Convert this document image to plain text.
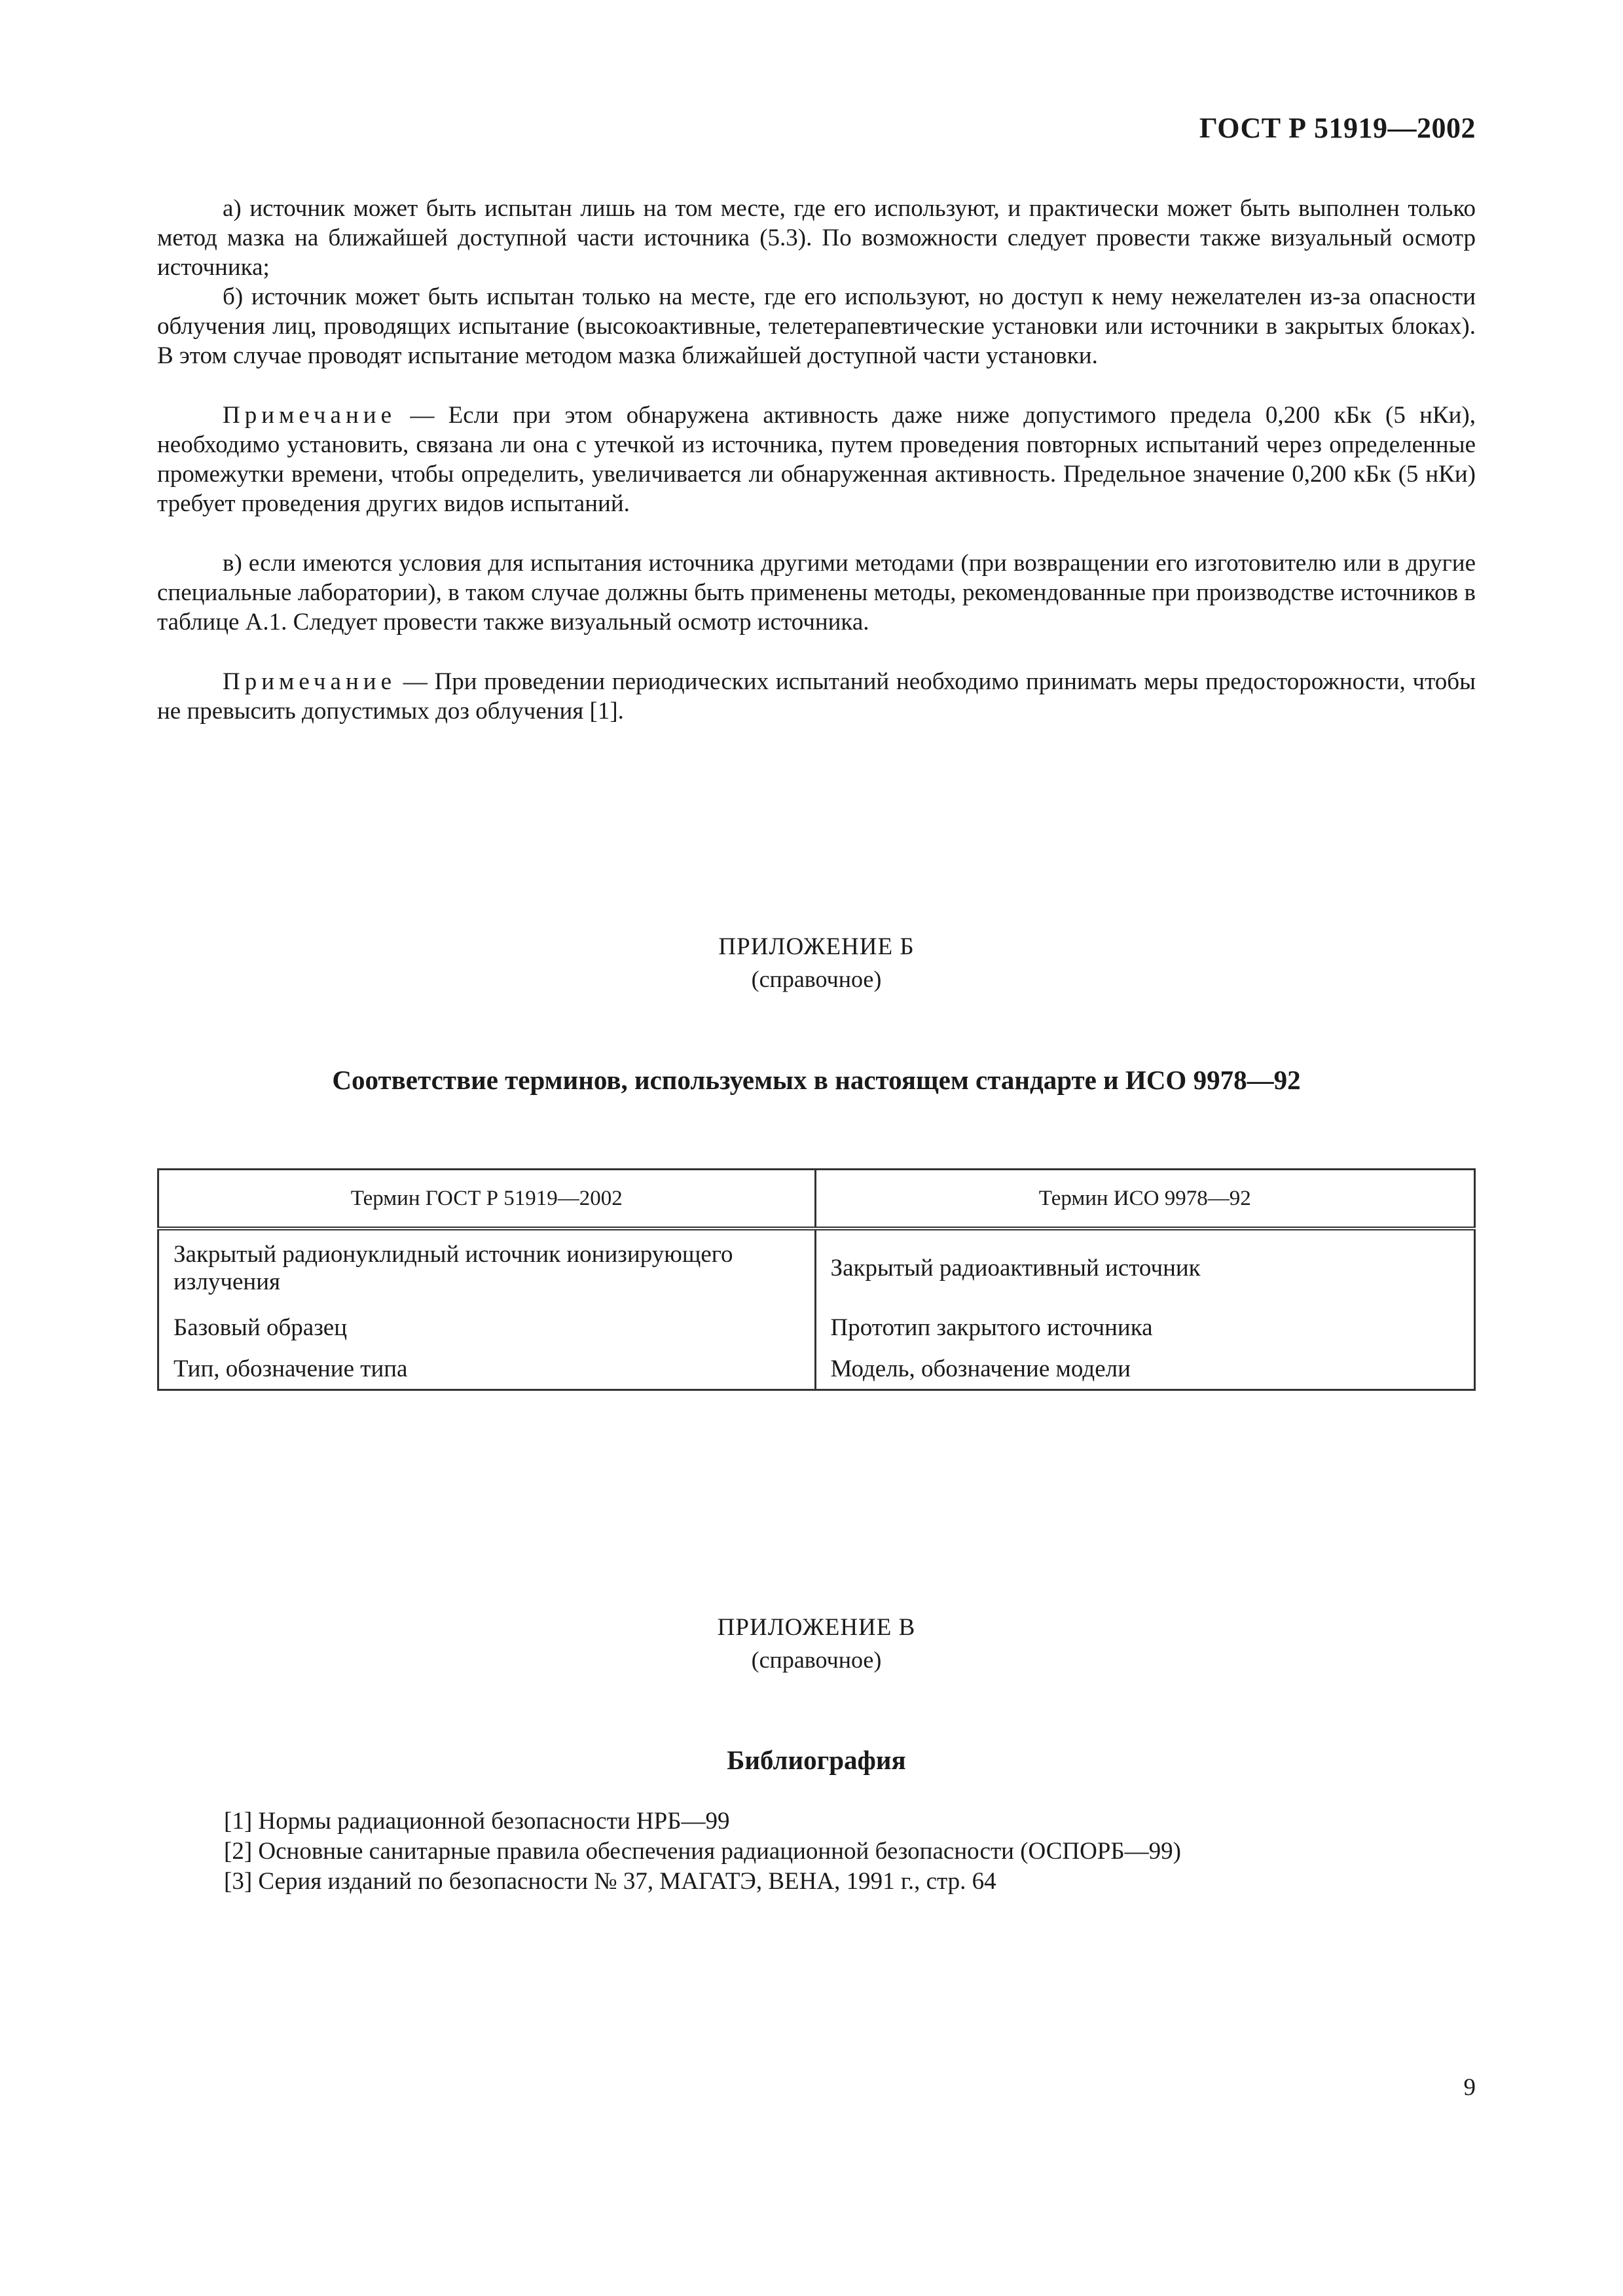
ГОСТ Р 51919—2002

а) источник может быть испытан лишь на том месте, где его используют, и практически может быть выполнен только метод мазка на ближайшей доступной части источника (5.3). По возможности следует провести также визуальный осмотр источника;

б) источник может быть испытан только на месте, где его используют, но доступ к нему нежелателен из-за опасности облучения лиц, проводящих испытание (высокоактивные, телетерапевтические установки или источники в закрытых блоках). В этом случае проводят испытание методом мазка ближайшей доступной части установки.

Примечание — Если при этом обнаружена активность даже ниже допустимого предела 0,200 кБк (5 нКи), необходимо установить, связана ли она с утечкой из источника, путем проведения повторных испытаний через определенные промежутки времени, чтобы определить, увеличивается ли обнаруженная активность. Предельное значение 0,200 кБк (5 нКи) требует проведения других видов испытаний.

в) если имеются условия для испытания источника другими методами (при возвращении его изготовителю или в другие специальные лаборатории), в таком случае должны быть применены методы, рекомендованные при производстве источников в таблице А.1. Следует провести также визуальный осмотр источника.

Примечание — При проведении периодических испытаний необходимо принимать меры предосторожности, чтобы не превысить допустимых доз облучения [1].

ПРИЛОЖЕНИЕ Б
(справочное)
Соответствие терминов, используемых в настоящем стандарте и ИСО 9978—92
Термин ГОСТ Р 51919—2002	Термин ИСО 9978—92
Закрытый радионуклидный источник ионизирующего излучения	Закрытый радиоактивный источник
Базовый образец	Прототип закрытого источника
Тип, обозначение типа	Модель, обозначение модели
ПРИЛОЖЕНИЕ В
(справочное)
Библиография
[1] Нормы радиационной безопасности НРБ—99
[2] Основные санитарные правила обеспечения радиационной безопасности (ОСПОРБ—99)
[3] Серия изданий по безопасности № 37, МАГАТЭ, ВЕНА, 1991 г., стр. 64
9
